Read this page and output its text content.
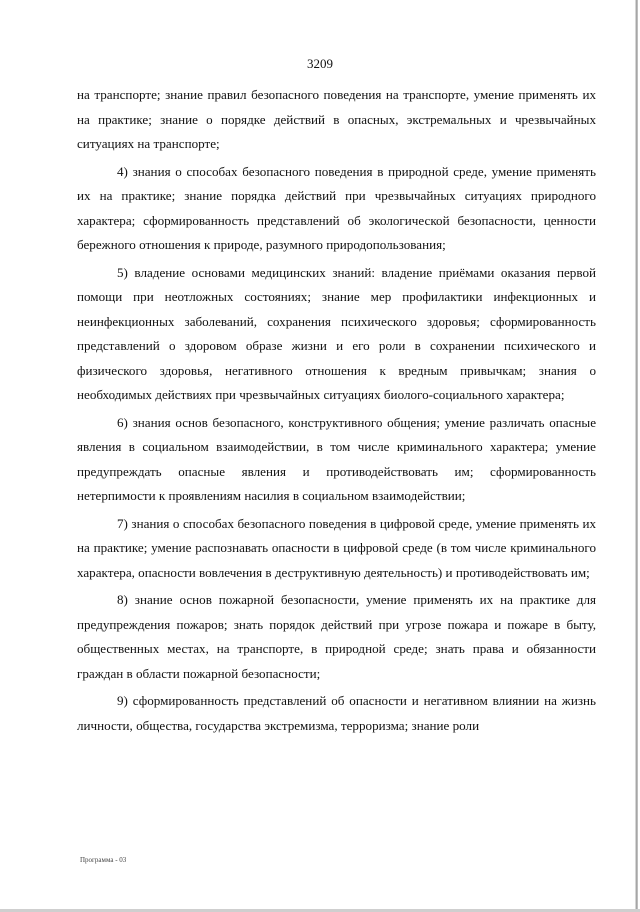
3209

на транспорте; знание правил безопасного поведения на транспорте, умение применять их на практике; знание о порядке действий в опасных, экстремальных и чрезвычайных ситуациях на транспорте;

4) знания о способах безопасного поведения в природной среде, умение применять их на практике; знание порядка действий при чрезвычайных ситуациях природного характера; сформированность представлений об экологической безопасности, ценности бережного отношения к природе, разумного природопользования;

5) владение основами медицинских знаний: владение приёмами оказания первой помощи при неотложных состояниях; знание мер профилактики инфекционных и неинфекционных заболеваний, сохранения психического здоровья; сформированность представлений о здоровом образе жизни и его роли в сохранении психического и физического здоровья, негативного отношения к вредным привычкам; знания о необходимых действиях при чрезвычайных ситуациях биолого-социального характера;

6) знания основ безопасного, конструктивного общения; умение различать опасные явления в социальном взаимодействии, в том числе криминального характера; умение предупреждать опасные явления и противодействовать им; сформированность нетерпимости к проявлениям насилия в социальном взаимодействии;

7) знания о способах безопасного поведения в цифровой среде, умение применять их на практике; умение распознавать опасности в цифровой среде (в том числе криминального характера, опасности вовлечения в деструктивную деятельность) и противодействовать им;

8) знание основ пожарной безопасности, умение применять их на практике для предупреждения пожаров; знать порядок действий при угрозе пожара и пожаре в быту, общественных местах, на транспорте, в природной среде; знать права и обязанности граждан в области пожарной безопасности;

9) сформированность представлений об опасности и негативном влиянии на жизнь личности, общества, государства экстремизма, терроризма; знание роли

Программа - 03
